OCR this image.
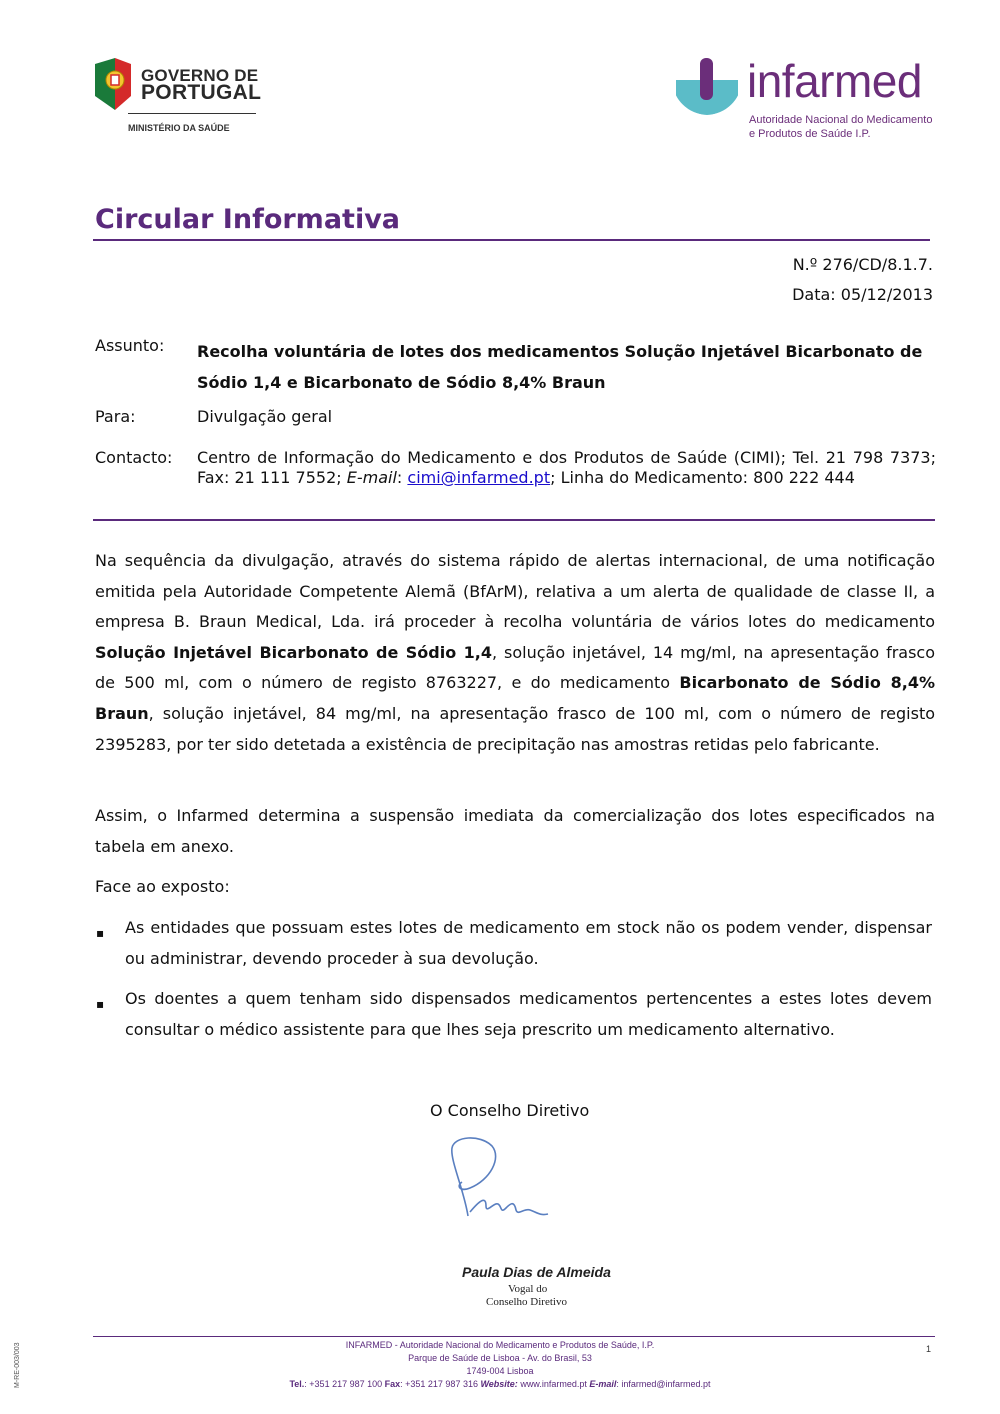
GOVERNO DE
PORTUGAL
MINISTÉRIO DA SAÚDE
infarmed
Autoridade Nacional do Medicamento
e Produtos de Saúde I.P.
Circular Informativa
N.º 276/CD/8.1.7.
Data: 05/12/2013
Assunto: Recolha voluntária de lotes dos medicamentos Solução Injetável Bicarbonato de Sódio 1,4 e Bicarbonato de Sódio 8,4% Braun
Para:	Divulgação geral
Contacto: Centro de Informação do Medicamento e dos Produtos de Saúde (CIMI); Tel. 21 798 7373; Fax: 21 111 7552; E-mail: cimi@infarmed.pt; Linha do Medicamento: 800 222 444
Na sequência da divulgação, através do sistema rápido de alertas internacional, de uma notificação emitida pela Autoridade Competente Alemã (BfArM), relativa a um alerta de qualidade de classe II, a empresa B. Braun Medical, Lda. irá proceder à recolha voluntária de vários lotes do medicamento Solução Injetável Bicarbonato de Sódio 1,4, solução injetável, 14 mg/ml, na apresentação frasco de 500 ml, com o número de registo 8763227, e do medicamento Bicarbonato de Sódio 8,4% Braun, solução injetável, 84 mg/ml, na apresentação frasco de 100 ml, com o número de registo 2395283, por ter sido detetada a existência de precipitação nas amostras retidas pelo fabricante.
Assim, o Infarmed determina a suspensão imediata da comercialização dos lotes especificados na tabela em anexo.
Face ao exposto:
▪ As entidades que possuam estes lotes de medicamento em stock não os podem vender, dispensar ou administrar, devendo proceder à sua devolução.
▪ Os doentes a quem tenham sido dispensados medicamentos pertencentes a estes lotes devem consultar o médico assistente para que lhes seja prescrito um medicamento alternativo.
O Conselho Diretivo
Paula Dias de Almeida
Vogal do
Conselho Diretivo
INFARMED - Autoridade Nacional do Medicamento e Produtos de Saúde, I.P.
Parque de Saúde de Lisboa - Av. do Brasil, 53
1749-004 Lisboa
Tel.: +351 217 987 100 Fax: +351 217 987 316 Website: www.infarmed.pt E-mail: infarmed@infarmed.pt
1
M-RE-003/003
